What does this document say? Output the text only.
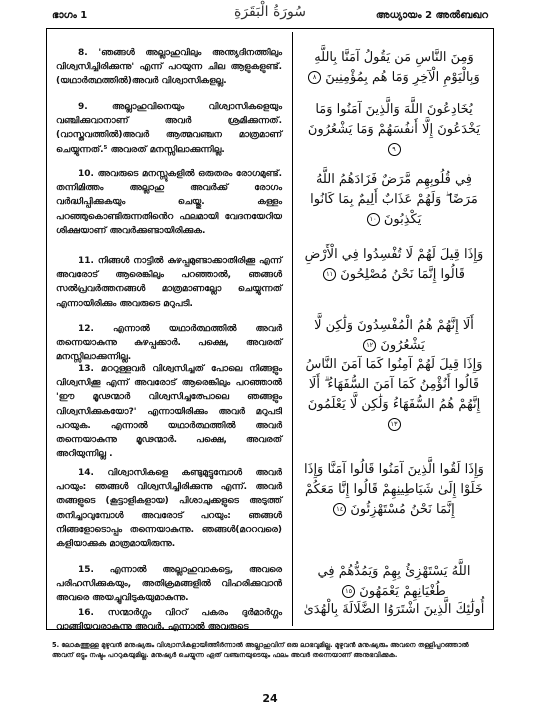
ഭാഗം 1	سُورَةُ الْبَقَرَةِ	അധ്യായം 2 അൽബഖറ
8. 'ഞങ്ങൾ അല്ലാഹുവിലും അന്ത്യദിനത്തിലും വിശ്വസിച്ചിരിക്കുന്നു' എന്ന് പറയുന്ന ചില ആളുകളുണ്ട്. (യഥാർത്ഥത്തിൽ)അവർ വിശ്വാസികളല്ല.
9. അല്ലാഹുവിനെയും വിശ്വാസികളെയും വഞ്ചിക്കുവാനാണ് അവർ ശ്രമിക്കുന്നത്. (വാസ്തവത്തിൽ)അവർ ആത്മവഞ്ചന മാത്രമാണ് ചെയ്യുന്നത്.⁵ അവരത് മനസ്സിലാക്കുന്നില്ല.
10. അവരുടെ മനസ്സുകളിൽ ഒരുതരം രോഗമുണ്ട്. തന്നിമിത്തം അല്ലാഹു അവർക്ക് രോഗം വർദ്ധിപ്പിക്കുകയും ചെയ്തു. കള്ളം പറഞ്ഞുകൊണ്ടിരുന്നതിൻെറ ഫലമായി വേദനയേറിയ ശിക്ഷയാണ് അവർക്കുണ്ടായിരിക്കുക.
11. നിങ്ങൾ നാട്ടിൽ കുഴപ്പമുണ്ടാക്കാതിരിക്കൂ എന്ന് അവരോട് ആരെങ്കിലും പറഞ്ഞാൽ, ഞങ്ങൾ സൽപ്രവർത്തനങ്ങൾ മാത്രമാണല്ലോ ചെയ്യുന്നത് എന്നായിരിക്കും അവരുടെ മറുപടി.
12. എന്നാൽ യഥാർത്ഥത്തിൽ അവർ തന്നെയാകുന്നു കുഴപ്പക്കാർ. പക്ഷെ, അവരത് മനസ്സിലാക്കുന്നില്ല.
13. മററുള്ളവർ വിശ്വസിച്ചത് പോലെ നിങ്ങളും വിശ്വസിക്കൂ എന്ന് അവരോട് ആരെങ്കിലും പറഞ്ഞാൽ 'ഈ മൂഢന്മാർ വിശ്വസിച്ചത്പോലെ ഞങ്ങളും വിശ്വസിക്കുകയോ?' എന്നായിരിക്കും അവർ മറുപടി പറയുക. എന്നാൽ യഥാർത്ഥത്തിൽ അവർ തന്നെയാകുന്നു മൂഢന്മാർ. പക്ഷെ, അവരത് അറിയുന്നില്ല .
14. വിശ്വാസികളെ കണ്ടുമുട്ടുമ്പോൾ അവർ പറയും: ഞങ്ങൾ വിശ്വസിച്ചിരിക്കുന്നു എന്ന്. അവർ തങ്ങളുടെ (കൂട്ടാളികളായ) പിശാചുക്കളുടെ അടുത്ത് തനിച്ചാവുമ്പോൾ അവരോട് പറയും: ഞങ്ങൾ നിങ്ങളോടൊപ്പം തന്നെയാകുന്നു. ഞങ്ങൾ(മററവരെ) കളിയാക്കുക മാത്രമായിരുന്നു.
15. എന്നാൽ അല്ലാഹുവാകട്ടെ, അവരെ പരിഹസിക്കുകയും, അതിക്രമങ്ങളിൽ വിഹരിക്കുവാൻ അവരെ അയച്ചുവിടുകയുമാകുന്നു.
16. സന്മാർഗ്ഗം വിററ് പകരം ദുർമാർഗ്ഗം വാങ്ങിയവരാകുന്നു അവർ. എന്നാൽ അവരുടെ
وَمِنَ النَّاسِ مَن يَقُولُ آمَنَّا بِاللَّهِ وَبِالْيَوْمِ الْآخِرِ وَمَا هُم بِمُؤْمِنِينَ ٨
يُخَادِعُونَ اللَّهَ وَالَّذِينَ آمَنُوا وَمَا يَخْدَعُونَ إِلَّا أَنفُسَهُمْ وَمَا يَشْعُرُونَ ٩
فِي قُلُوبِهِم مَّرَضٌ فَزَادَهُمُ اللَّهُ مَرَضًا ۖ وَلَهُمْ عَذَابٌ أَلِيمٌ بِمَا كَانُوا يَكْذِبُونَ ١٠
وَإِذَا قِيلَ لَهُمْ لَا تُفْسِدُوا فِي الْأَرْضِ قَالُوا إِنَّمَا نَحْنُ مُصْلِحُونَ ١١
أَلَا إِنَّهُمْ هُمُ الْمُفْسِدُونَ وَلَٰكِن لَّا يَشْعُرُونَ ١٢
وَإِذَا قِيلَ لَهُمْ آمِنُوا كَمَا آمَنَ النَّاسُ قَالُوا أَنُؤْمِنُ كَمَا آمَنَ السُّفَهَاءُ ۗ أَلَا إِنَّهُمْ هُمُ السُّفَهَاءُ وَلَٰكِن لَّا يَعْلَمُونَ ١٣
وَإِذَا لَقُوا الَّذِينَ آمَنُوا قَالُوا آمَنَّا وَإِذَا خَلَوْا إِلَىٰ شَيَاطِينِهِمْ قَالُوا إِنَّا مَعَكُمْ إِنَّمَا نَحْنُ مُسْتَهْزِئُونَ ١٤
اللَّهُ يَسْتَهْزِئُ بِهِمْ وَيَمُدُّهُمْ فِي طُغْيَانِهِمْ يَعْمَهُونَ ١٥
أُولَٰئِكَ الَّذِينَ اشْتَرَوُا الضَّلَالَةَ بِالْهُدَىٰ
5. ലോകത്തുള്ള മുഴുവൻ മനുഷ്യരും വിശ്വാസികളായിത്തീർന്നാൽ അല്ലാഹുവിന് ഒരു ലാഭവുമില്ല. മുഴുവൻ മനുഷ്യരും അവനെ തള്ളിപ്പറഞ്ഞാൽ അവന് ഒട്ടും നഷ്ടം പററുകയുമില്ല. മനുഷ്യർ ചെയ്യുന്ന ഏത് വഞ്ചനയുടെയും ഫലം അവർ തന്നെയാണ് അനുഭവിക്കുക.
24
